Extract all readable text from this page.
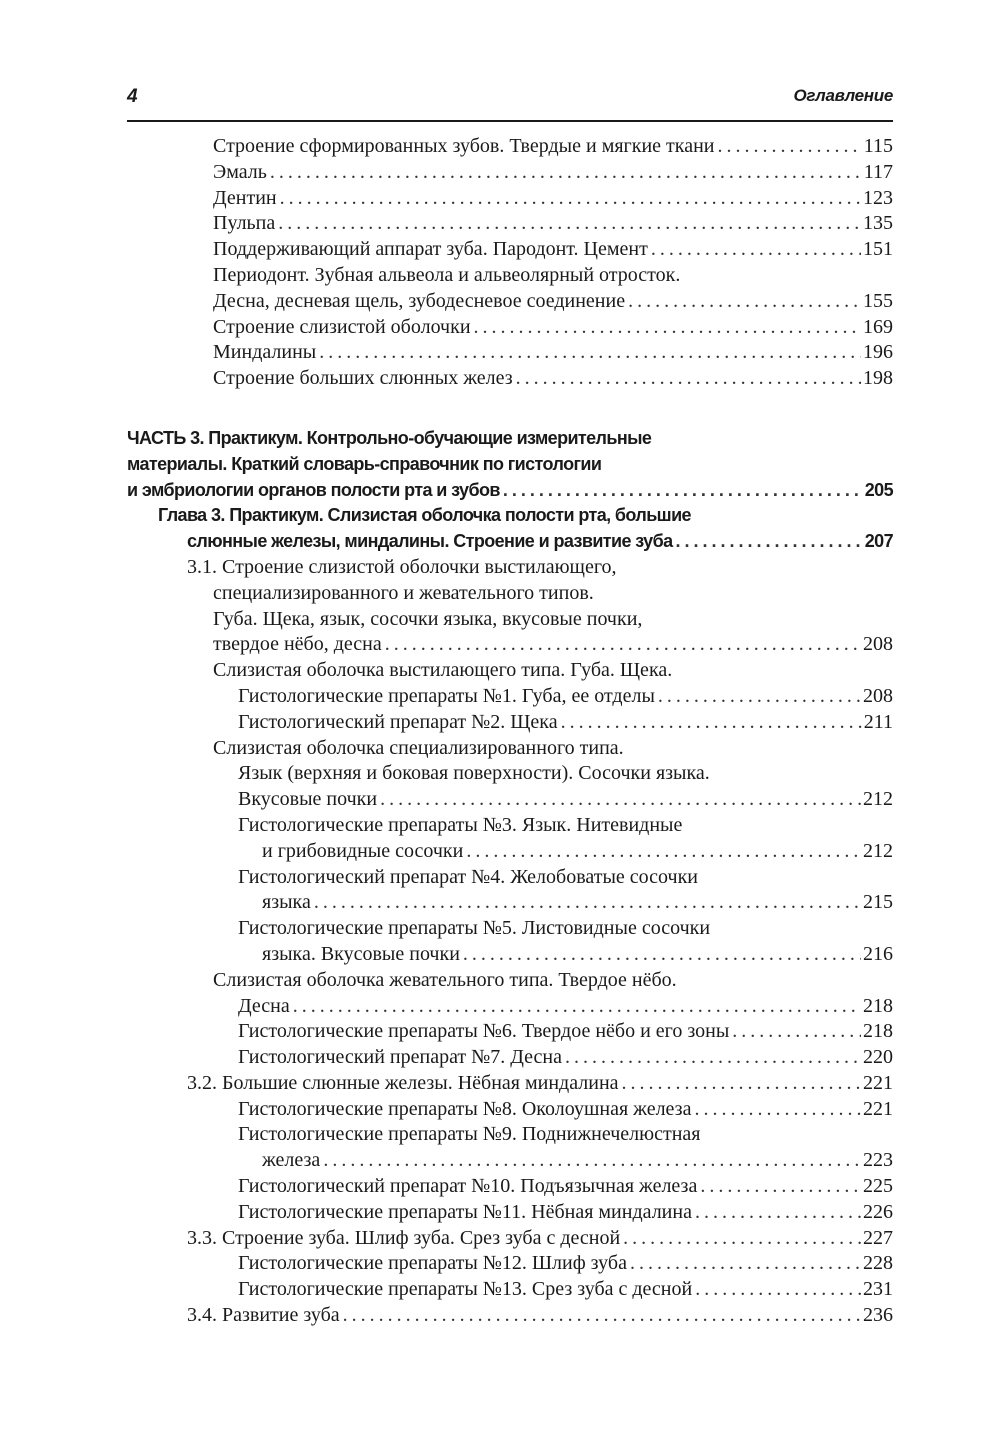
4	Оглавление
Строение сформированных зубов. Твердые и мягкие ткани . . .	115
Эмаль . . .	117
Дентин . . .	123
Пульпа . . .	135
Поддерживающий аппарат зуба. Пародонт. Цемент . . .	151
Периодонт. Зубная альвеола и альвеолярный отросток.
Десна, десневая щель, зубодесневое соединение . . .	155
Строение слизистой оболочки . . .	169
Миндалины . . .	196
Строение больших слюнных желез . . .	198
ЧАСТЬ 3. Практикум. Контрольно-обучающие измерительные
материалы. Краткий словарь-справочник по гистологии
и эмбриологии органов полости рта и зубов . . .	205
Глава 3. Практикум. Слизистая оболочка полости рта, большие
слюнные железы, миндалины. Строение и развитие зуба . . .	207
3.1. Строение слизистой оболочки выстилающего,
специализированного и жевательного типов.
Губа. Щека, язык, сосочки языка, вкусовые почки,
твердое нёбо, десна . . .	208
Слизистая оболочка выстилающего типа. Губа. Щека.
Гистологические препараты №1. Губа, ее отделы . . .	208
Гистологический препарат №2. Щека . . .	211
Слизистая оболочка специализированного типа.
Язык (верхняя и боковая поверхности). Сосочки языка.
Вкусовые почки . . .	212
Гистологические препараты №3. Язык. Нитевидные
и грибовидные сосочки . . .	212
Гистологический препарат №4. Желобоватые сосочки
языка . . .	215
Гистологические препараты №5. Листовидные сосочки
языка. Вкусовые почки . . .	216
Слизистая оболочка жевательного типа. Твердое нёбо.
Десна . . .	218
Гистологические препараты №6. Твердое нёбо и его зоны . . .	218
Гистологический препарат №7. Десна . . .	220
3.2. Большие слюнные железы. Нёбная миндалина . . .	221
Гистологические препараты №8. Околоушная железа . . .	221
Гистологические препараты №9. Поднижнечелюстная
железа . . .	223
Гистологический препарат №10. Подъязычная железа . . .	225
Гистологические препараты №11. Нёбная миндалина . . .	226
3.3. Строение зуба. Шлиф зуба. Срез зуба с десной . . .	227
Гистологические препараты №12. Шлиф зуба . . .	228
Гистологические препараты №13. Срез зуба с десной . . .	231
3.4. Развитие зуба . . .	236
